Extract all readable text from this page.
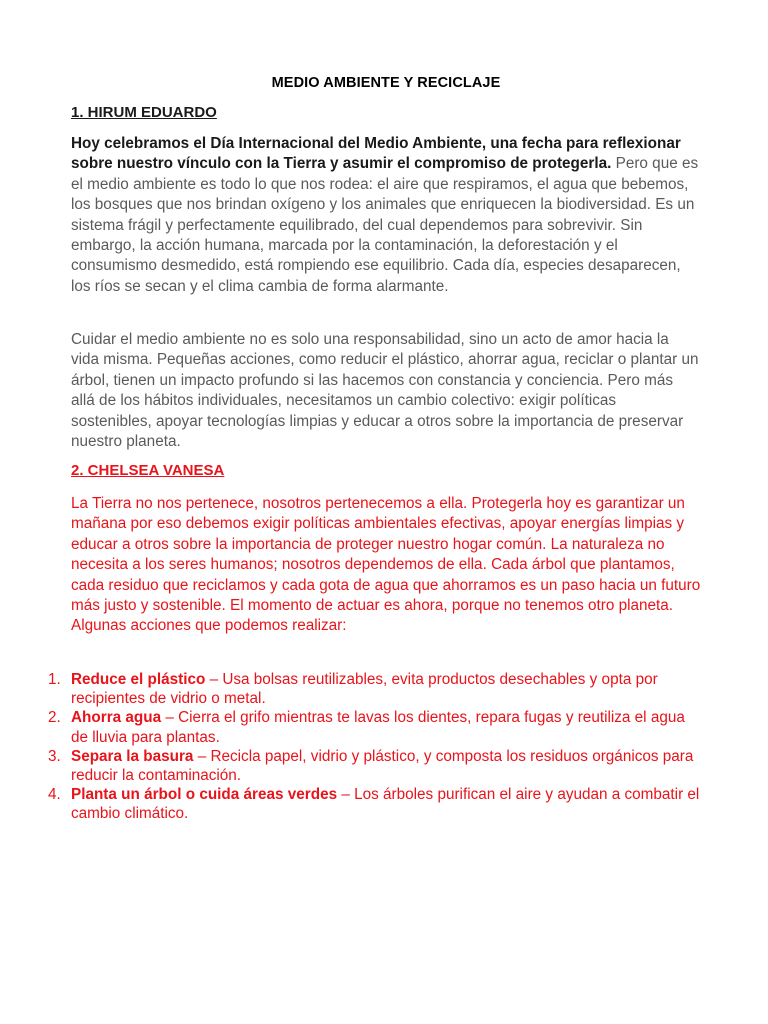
MEDIO AMBIENTE Y RECICLAJE
1. HIRUM EDUARDO

Hoy celebramos el Día Internacional del Medio Ambiente, una fecha para reflexionar sobre nuestro vínculo con la Tierra y asumir el compromiso de protegerla. Pero que es el medio ambiente es todo lo que nos rodea: el aire que respiramos, el agua que bebemos, los bosques que nos brindan oxígeno y los animales que enriquecen la biodiversidad. Es un sistema frágil y perfectamente equilibrado, del cual dependemos para sobrevivir. Sin embargo, la acción humana, marcada por la contaminación, la deforestación y el consumismo desmedido, está rompiendo ese equilibrio. Cada día, especies desaparecen, los ríos se secan y el clima cambia de forma alarmante.

Cuidar el medio ambiente no es solo una responsabilidad, sino un acto de amor hacia la vida misma. Pequeñas acciones, como reducir el plástico, ahorrar agua, reciclar o plantar un árbol, tienen un impacto profundo si las hacemos con constancia y conciencia. Pero más allá de los hábitos individuales, necesitamos un cambio colectivo: exigir políticas sostenibles, apoyar tecnologías limpias y educar a otros sobre la importancia de preservar nuestro planeta.

2. CHELSEA VANESA

La Tierra no nos pertenece, nosotros pertenecemos a ella. Protegerla hoy es garantizar un mañana por eso debemos exigir políticas ambientales efectivas, apoyar energías limpias y educar a otros sobre la importancia de proteger nuestro hogar común. La naturaleza no necesita a los seres humanos; nosotros dependemos de ella. Cada árbol que plantamos, cada residuo que reciclamos y cada gota de agua que ahorramos es un paso hacia un futuro más justo y sostenible. El momento de actuar es ahora, porque no tenemos otro planeta. Algunas acciones que podemos realizar:

1. Reduce el plástico – Usa bolsas reutilizables, evita productos desechables y opta por recipientes de vidrio o metal.
2. Ahorra agua – Cierra el grifo mientras te lavas los dientes, repara fugas y reutiliza el agua de lluvia para plantas.
3. Separa la basura – Recicla papel, vidrio y plástico, y composta los residuos orgánicos para reducir la contaminación.
4. Planta un árbol o cuida áreas verdes – Los árboles purifican el aire y ayudan a combatir el cambio climático.
